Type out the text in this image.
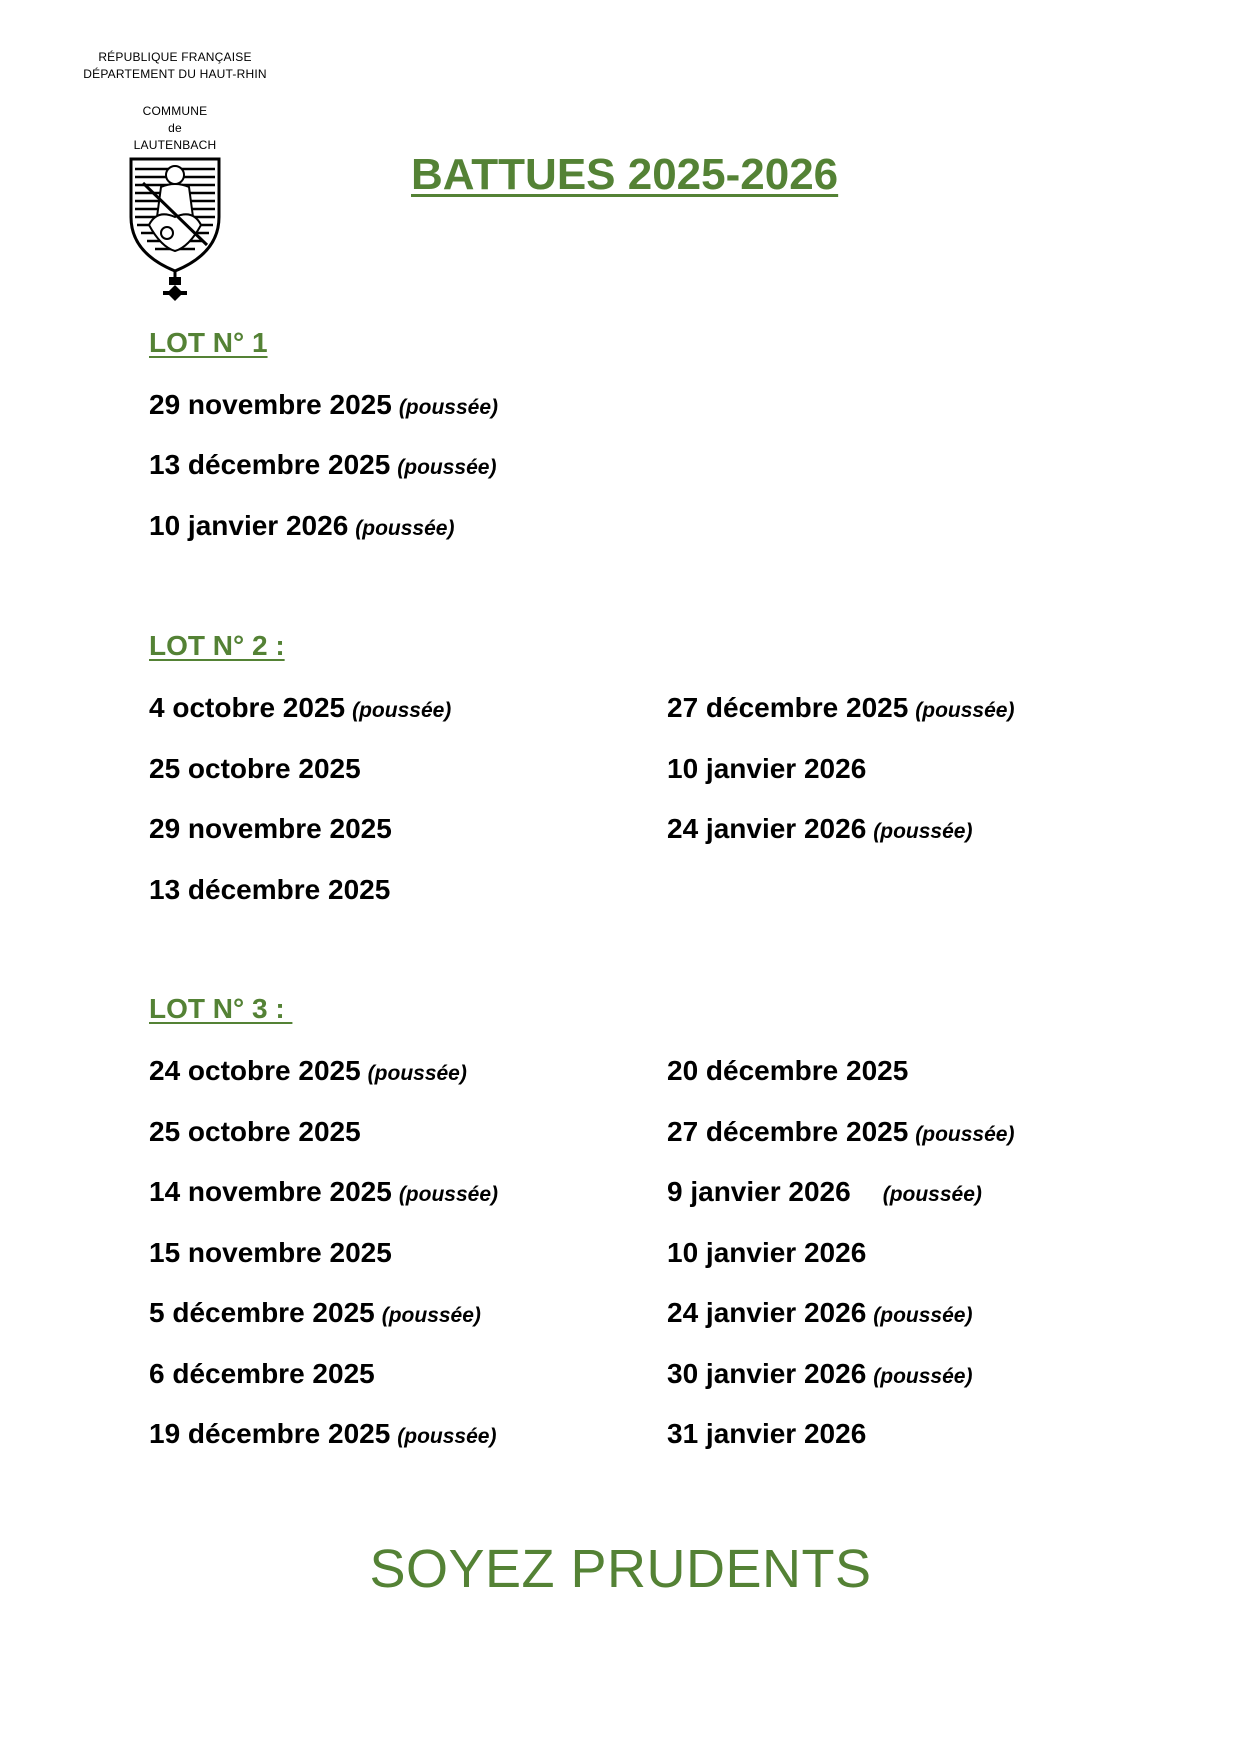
RÉPUBLIQUE FRANÇAISE
DÉPARTEMENT DU HAUT-RHIN
COMMUNE
de
LAUTENBACH
BATTUES 2025-2026
LOT N° 1
29 novembre 2025 (poussée)
13 décembre 2025 (poussée)
10 janvier 2026 (poussée)
LOT N° 2 :
4 octobre 2025 (poussée)
25 octobre 2025
29 novembre 2025
13 décembre 2025
27 décembre 2025 (poussée)
10 janvier 2026
24 janvier 2026 (poussée)
LOT N° 3 :
24 octobre 2025 (poussée)
25 octobre 2025
14 novembre 2025 (poussée)
15 novembre 2025
5 décembre 2025 (poussée)
6 décembre 2025
19 décembre 2025 (poussée)
20 décembre 2025
27 décembre 2025 (poussée)
9 janvier 2026 (poussée)
10 janvier 2026
24 janvier 2026 (poussée)
30 janvier 2026 (poussée)
31 janvier 2026
SOYEZ PRUDENTS
